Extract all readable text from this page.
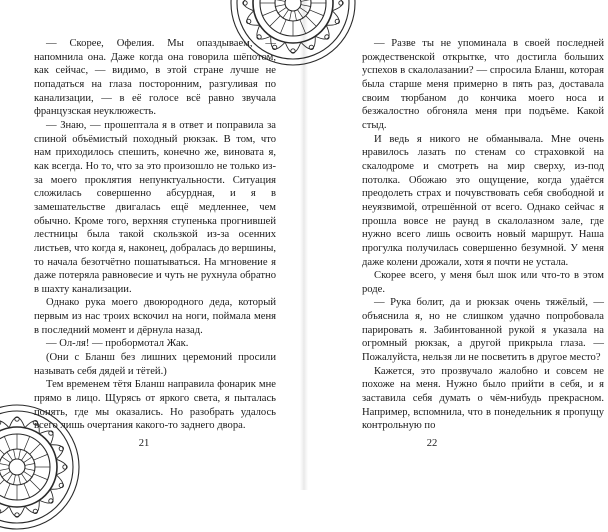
— Скорее, Офелия. Мы опаздываем, — напомнила она. Даже когда она говорила шёпотом, как сейчас, — видимо, в этой стране лучше не попадаться на глаза посторонним, разгуливая по канализации, — в её голосе всё равно звучала французская неуклюжесть.

— Знаю, — прошептала я в ответ и поправила за спиной объёмистый походный рюкзак. В том, что нам приходилось спешить, конечно же, виновата я, как всегда. Но то, что за это произошло не только из-за моего проклятия непунктуальности. Ситуация сложилась совершенно абсурдная, и я в замешательстве двигалась ещё медленнее, чем обычно. Кроме того, верхняя ступенька прогнившей лестницы была такой скользкой из-за осенних листьев, что когда я, наконец, добралась до вершины, то начала безотчётно пошатываться. На мгновение я даже потеряла равновесие и чуть не рухнула обратно в шахту канализации.

Однако рука моего двоюродного деда, который первым из нас троих вскочил на ноги, поймала меня в последний момент и дёрнула назад.

— Ол-ля! — пробормотал Жак.

(Они с Бланш без лишних церемоний просили называть себя дядей и тётей.)

Тем временем тётя Бланш направила фонарик мне прямо в лицо. Щурясь от яркого света, я пыталась понять, где мы оказались. Но разобрать удалось всего лишь очертания какого-то заднего двора.

21

— Разве ты не упоминала в своей последней рождественской открытке, что достигла больших успехов в скалолазании? — спросила Бланш, которая была старше меня примерно в пять раз, доставала своим тюрбаном до кончика моего носа и безжалостно обгоняла меня при подъёме. Какой стыд.

И ведь я никого не обманывала. Мне очень нравилось лазать по стенам со страховкой на скалодроме и смотреть на мир сверху, из-под потолка. Обожаю это ощущение, когда удаётся преодолеть страх и почувствовать себя свободной и неуязвимой, отрешённой от всего. Однако сейчас я прошла вовсе не раунд в скалолазном зале, где нужно всего лишь освоить новый маршрут. Наша прогулка получилась совершенно безумной. У меня даже колени дрожали, хотя я почти не устала.

Скорее всего, у меня был шок или что-то в этом роде.

— Рука болит, да и рюкзак очень тяжёлый, — объяснила я, но не слишком удачно попробовала парировать я. Забинтованной рукой я указала на огромный рюкзак, а другой прикрыла глаза. — Пожалуйста, нельзя ли не посветить в другое место?

Кажется, это прозвучало жалобно и совсем не похоже на меня. Нужно было прийти в себя, и я заставила себя думать о чём-нибудь прекрасном. Например, вспомнила, что в понедельник я пропущу контрольную по

22
